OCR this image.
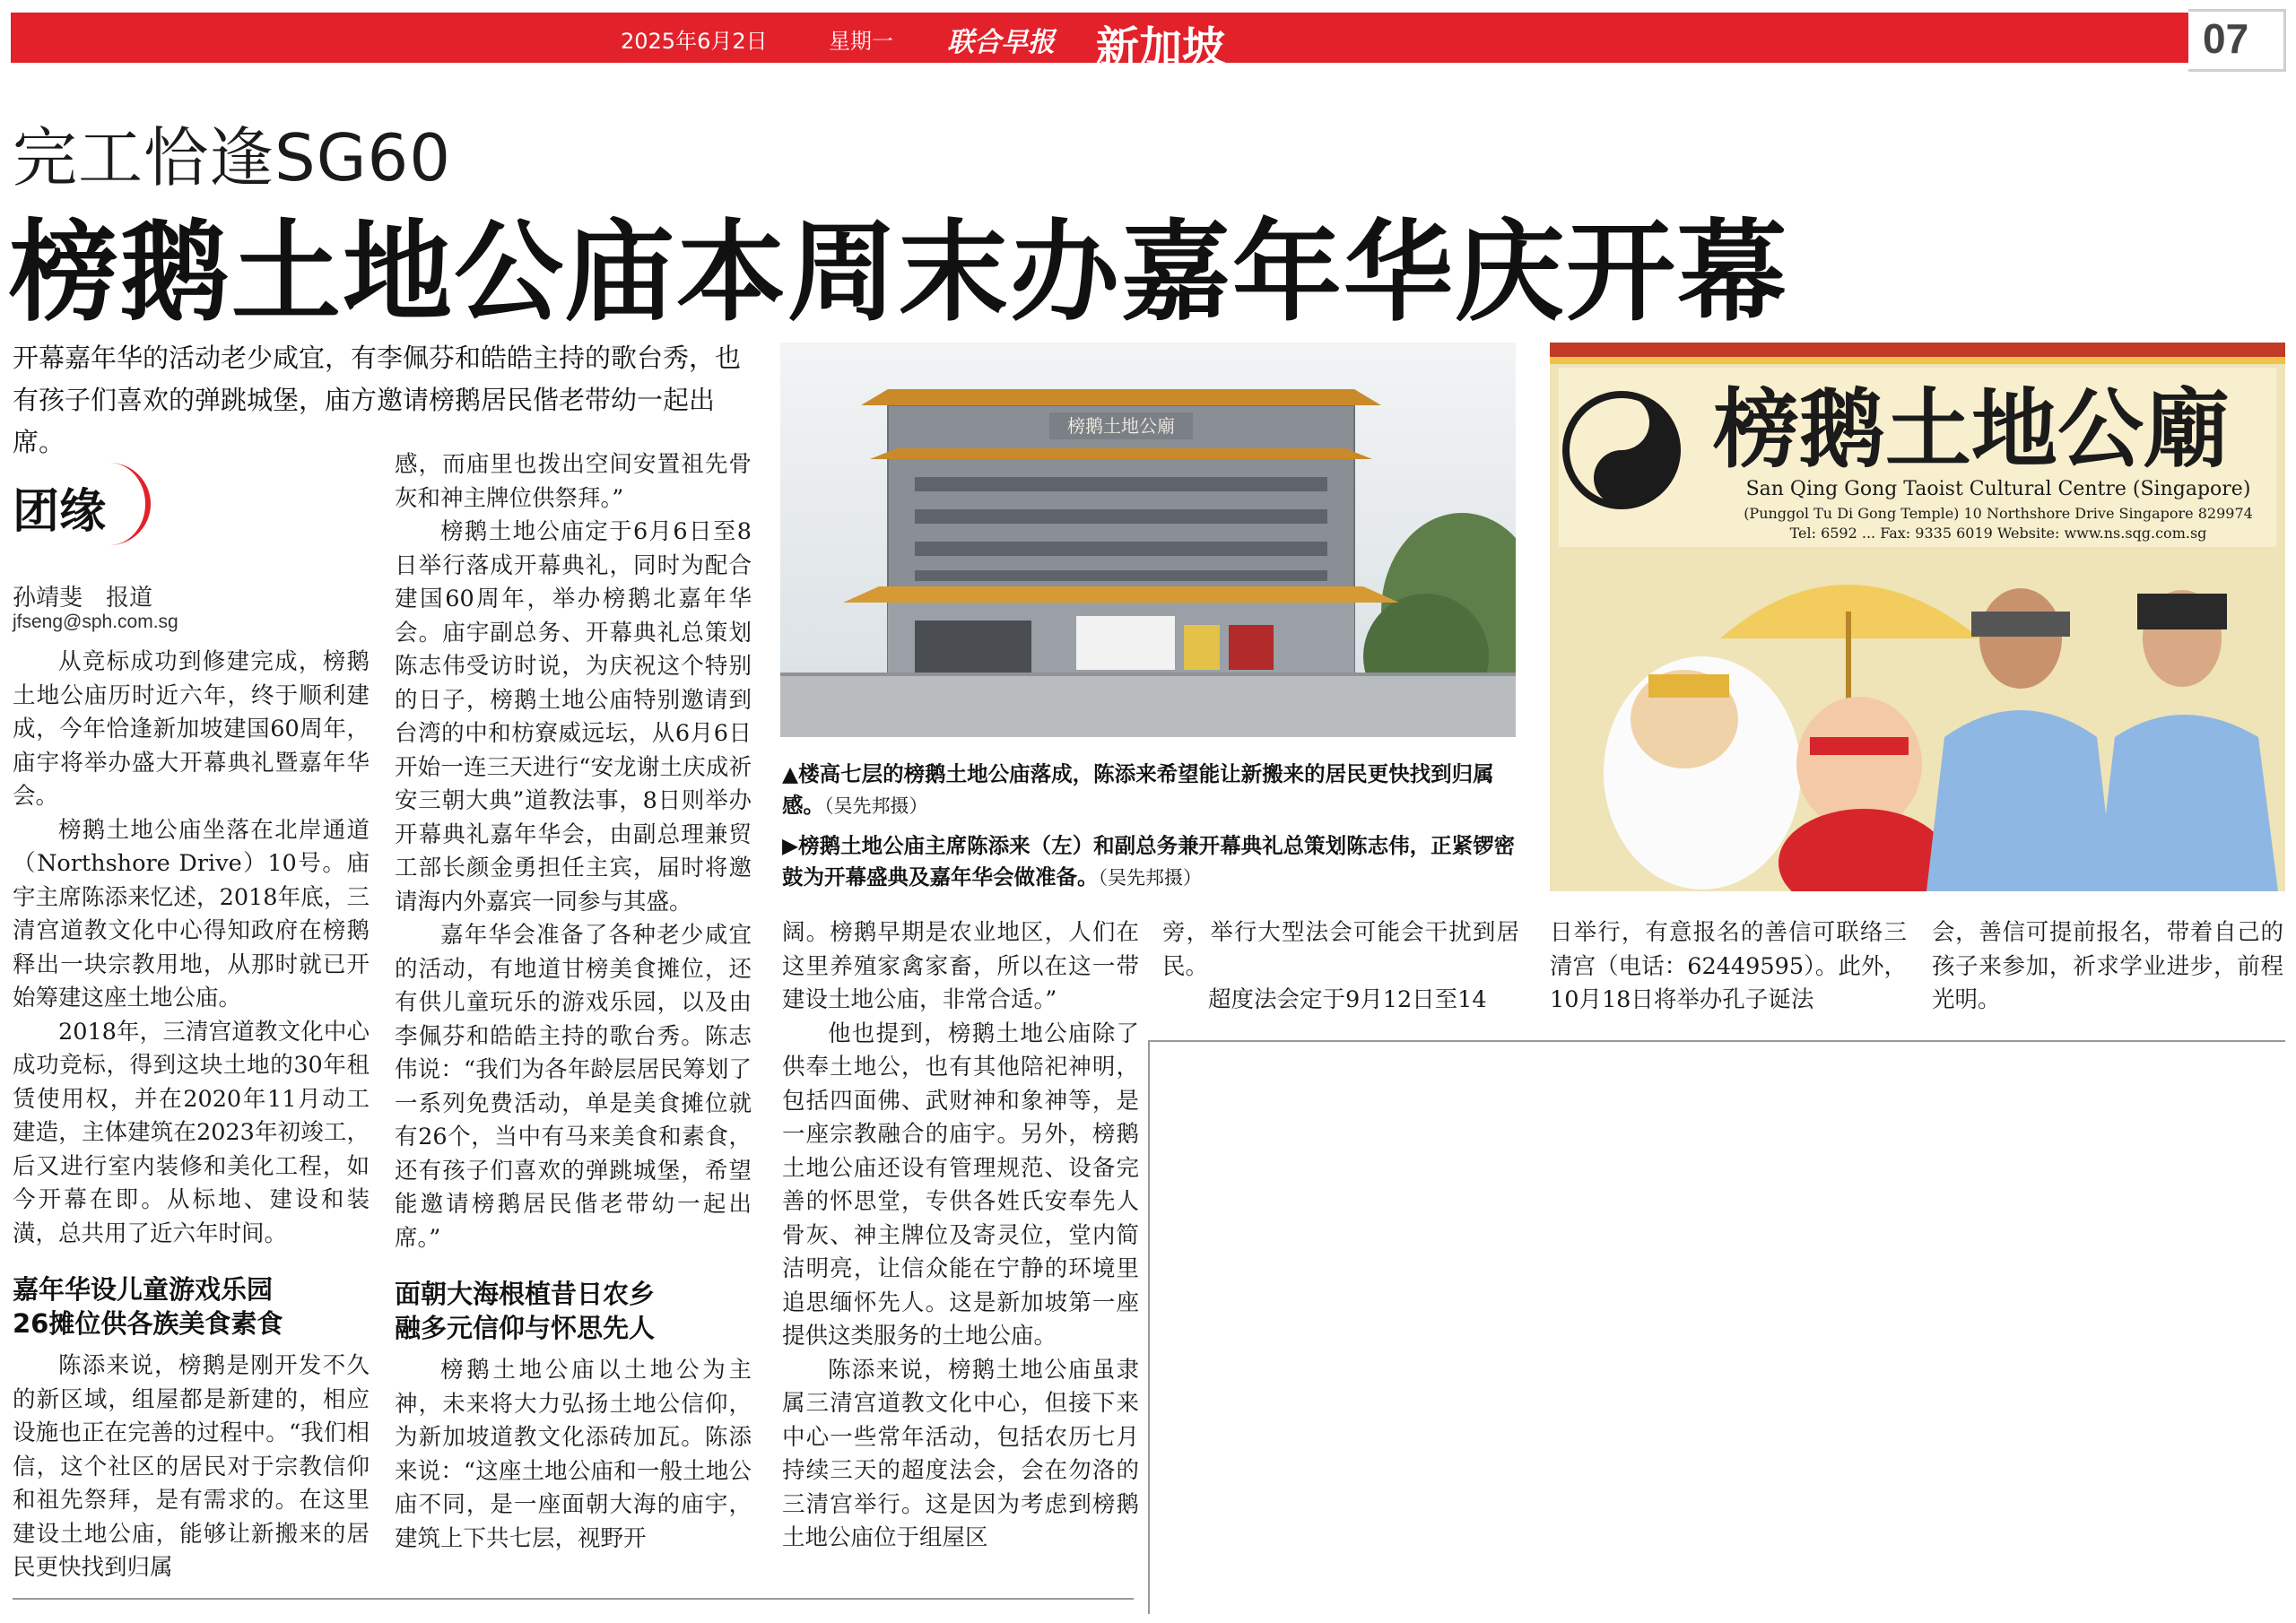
2025年6月2日	星期一 联合早报 新加坡	07
完工恰逢SG60
榜鹅土地公庙本周末办嘉年华庆开幕
开幕嘉年华的活动老少咸宜，有李佩芬和皓皓主持的歌台秀，也有孩子们喜欢的弹跳城堡，庙方邀请榜鹅居民偕老带幼一起出席。
团缘
孙靖斐　报道
jfseng@sph.com.sg

从竞标成功到修建完成，榜鹅土地公庙历时近六年，终于顺利建成，今年恰逢新加坡建国60周年，庙宇将举办盛大开幕典礼暨嘉年华会。

榜鹅土地公庙坐落在北岸通道（Northshore Drive）10号。庙宇主席陈添来忆述，2018年底，三清宫道教文化中心得知政府在榜鹅释出一块宗教用地，从那时就已开始筹建这座土地公庙。

2018年，三清宫道教文化中心成功竞标，得到这块土地的30年租赁使用权，并在2020年11月动工建造，主体建筑在2023年初竣工，后又进行室内装修和美化工程，如今开幕在即。从标地、建设和装潢，总共用了近六年时间。

嘉年华设儿童游戏乐园
26摊位供各族美食素食

陈添来说，榜鹅是刚开发不久的新区域，组屋都是新建的，相应设施也正在完善的过程中。“我们相信，这个社区的居民对于宗教信仰和祖先祭拜，是有需求的。在这里建设土地公庙，能够让新搬来的居民更快找到归属

感，而庙里也拨出空间安置祖先骨灰和神主牌位供祭拜。”

榜鹅土地公庙定于6月6日至8日举行落成开幕典礼，同时为配合建国60周年，举办榜鹅北嘉年华会。庙宇副总务、开幕典礼总策划陈志伟受访时说，为庆祝这个特别的日子，榜鹅土地公庙特别邀请到台湾的中和枋寮威远坛，从6月6日开始一连三天进行“安龙谢土庆成祈安三朝大典”道教法事，8日则举办开幕典礼嘉年华会，由副总理兼贸工部长颜金勇担任主宾，届时将邀请海内外嘉宾一同参与其盛。

嘉年华会准备了各种老少咸宜的活动，有地道甘榜美食摊位，还有供儿童玩乐的游戏乐园，以及由李佩芬和皓皓主持的歌台秀。陈志伟说：“我们为各年龄层居民筹划了一系列免费活动，单是美食摊位就有26个，当中有马来美食和素食，还有孩子们喜欢的弹跳城堡，希望能邀请榜鹅居民偕老带幼一起出席。”

面朝大海根植昔日农乡
融多元信仰与怀思先人

榜鹅土地公庙以土地公为主神，未来将大力弘扬土地公信仰，为新加坡道教文化添砖加瓦。陈添来说：“这座土地公庙和一般土地公庙不同，是一座面朝大海的庙宇，建筑上下共七层，视野开

榜鹅土地公廟
▲楼高七层的榜鹅土地公庙落成，陈添来希望能让新搬来的居民更快找到归属感。（吴先邦摄）
▶榜鹅土地公庙主席陈添来（左）和副总务兼开幕典礼总策划陈志伟，正紧锣密鼓为开幕盛典及嘉年华会做准备。（吴先邦摄）
榜鹅土地公廟
San Qing Gong Taoist Cultural Centre (Singapore)
(Punggol Tu Di Gong Temple) 10 Northshore Drive Singapore 829974
Tel: 6592 ... Fax: 9335 6019 Website: www.ns.sqg.com.sg

阔。榜鹅早期是农业地区，人们在这里养殖家禽家畜，所以在这一带建设土地公庙，非常合适。”

他也提到，榜鹅土地公庙除了供奉土地公，也有其他陪祀神明，包括四面佛、武财神和象神等，是一座宗教融合的庙宇。另外，榜鹅土地公庙还设有管理规范、设备完善的怀思堂，专供各姓氏安奉先人骨灰、神主牌位及寄灵位，堂内简洁明亮，让信众能在宁静的环境里追思缅怀先人。这是新加坡第一座提供这类服务的土地公庙。

陈添来说，榜鹅土地公庙虽隶属三清宫道教文化中心，但接下来中心一些常年活动，包括农历七月持续三天的超度法会，会在勿洛的三清宫举行。这是因为考虑到榜鹅土地公庙位于组屋区

旁，举行大型法会可能会干扰到居民。

超度法会定于9月12日至14

日举行，有意报名的善信可联络三清宫（电话：62449595）。此外，10月18日将举办孔子诞法

会，善信可提前报名，带着自己的孩子来参加，祈求学业进步，前程光明。
